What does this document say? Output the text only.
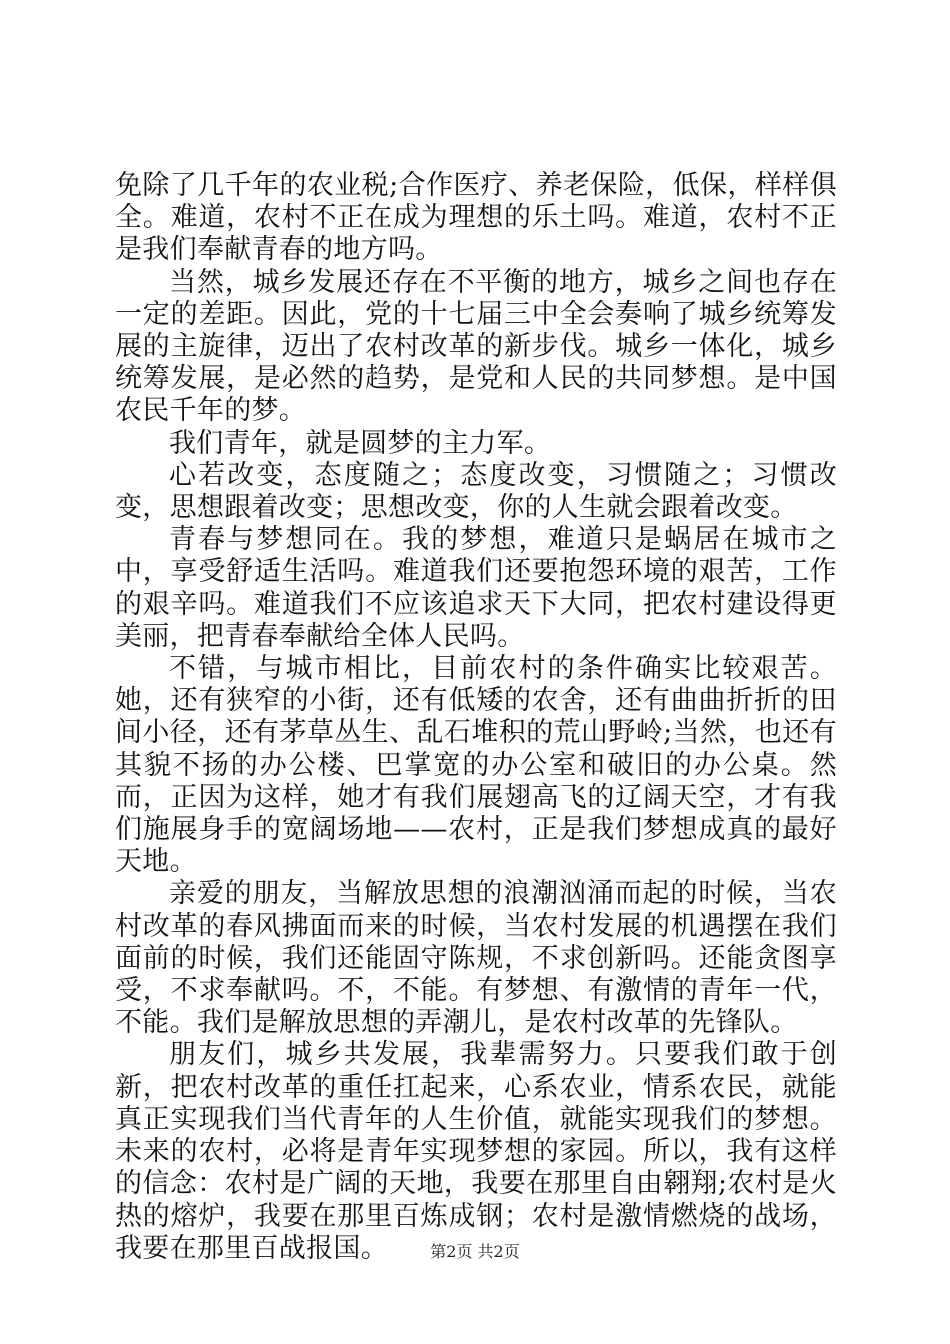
免除了几千年的农业税;合作医疗、养老保险，低保，样样俱全。难道，农村不正在成为理想的乐土吗。难道，农村不正是我们奉献青春的地方吗。

当然，城乡发展还存在不平衡的地方，城乡之间也存在一定的差距。因此，党的十七届三中全会奏响了城乡统筹发展的主旋律，迈出了农村改革的新步伐。城乡一体化，城乡统筹发展，是必然的趋势，是党和人民的共同梦想。是中国农民千年的梦。

我们青年，就是圆梦的主力军。

心若改变，态度随之；态度改变，习惯随之；习惯改变，思想跟着改变；思想改变，你的人生就会跟着改变。

青春与梦想同在。我的梦想，难道只是蜗居在城市之中，享受舒适生活吗。难道我们还要抱怨环境的艰苦，工作的艰辛吗。难道我们不应该追求天下大同，把农村建设得更美丽，把青春奉献给全体人民吗。

不错，与城市相比，目前农村的条件确实比较艰苦。她，还有狭窄的小街，还有低矮的农舍，还有曲曲折折的田间小径，还有茅草丛生、乱石堆积的荒山野岭;当然，也还有其貌不扬的办公楼、巴掌宽的办公室和破旧的办公桌。然而，正因为这样，她才有我们展翅高飞的辽阔天空，才有我们施展身手的宽阔场地——农村，正是我们梦想成真的最好天地。

亲爱的朋友，当解放思想的浪潮汹涌而起的时候，当农村改革的春风拂面而来的时候，当农村发展的机遇摆在我们面前的时候，我们还能固守陈规，不求创新吗。还能贪图享受，不求奉献吗。不，不能。有梦想、有激情的青年一代，不能。我们是解放思想的弄潮儿，是农村改革的先锋队。

朋友们，城乡共发展，我辈需努力。只要我们敢于创新，把农村改革的重任扛起来，心系农业，情系农民，就能真正实现我们当代青年的人生价值，就能实现我们的梦想。未来的农村，必将是青年实现梦想的家园。所以，我有这样的信念：农村是广阔的天地，我要在那里自由翱翔;农村是火热的熔炉，我要在那里百炼成钢；农村是激情燃烧的战场，我要在那里百战报国。	第2页 共2页
